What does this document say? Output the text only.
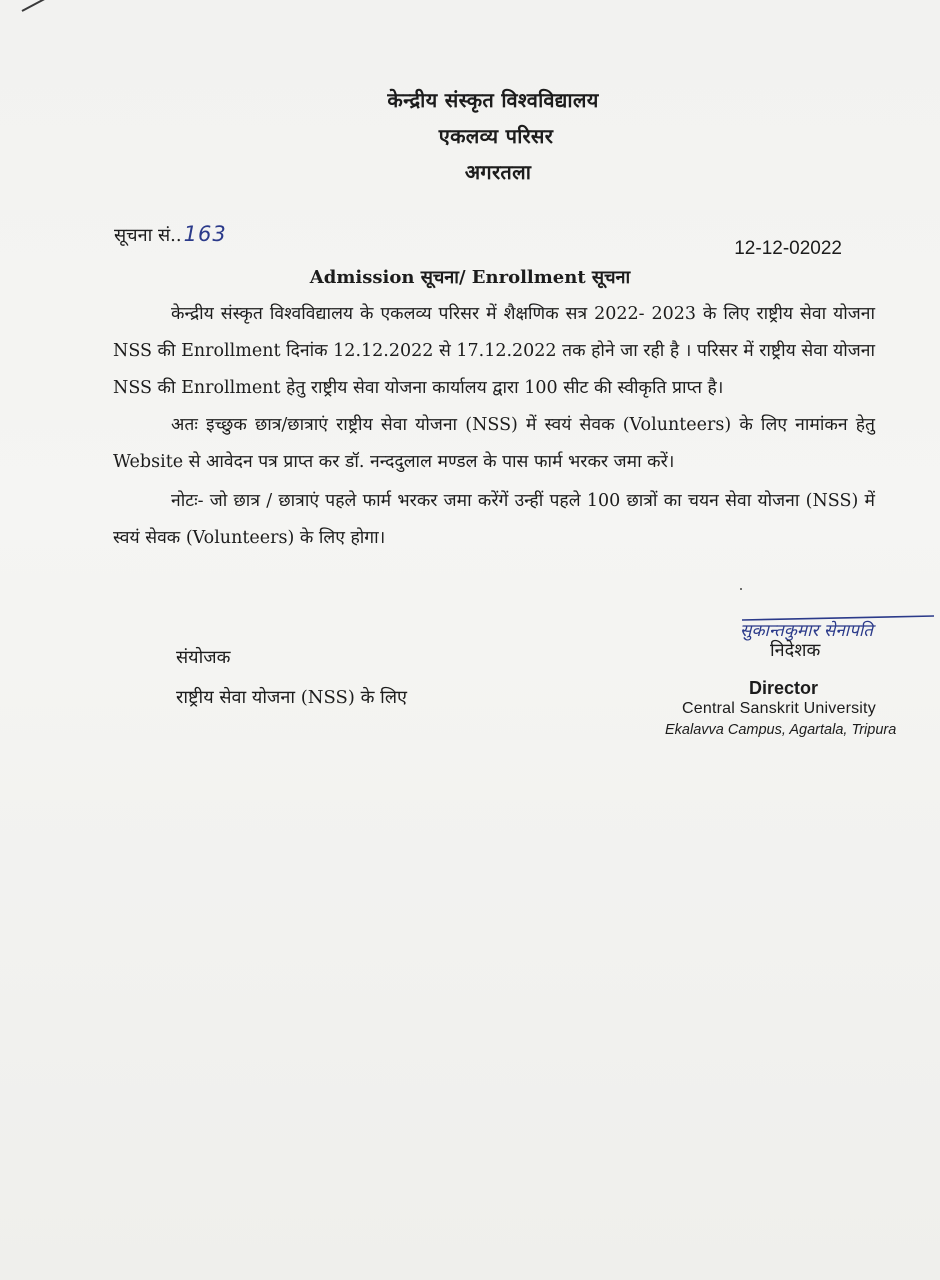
केन्द्रीय संस्कृत विश्वविद्यालय
एकलव्य परिसर
अगरतला
सूचना सं.. 163
12-12-02022
Admission सूचना/ Enrollment सूचना

केन्द्रीय संस्कृत विश्वविद्यालय के एकलव्य परिसर में शैक्षणिक सत्र 2022- 2023 के लिए राष्ट्रीय सेवा योजना NSS की Enrollment दिनांक 12.12.2022 से 17.12.2022 तक होने जा रही है । परिसर में राष्ट्रीय सेवा योजना NSS की Enrollment हेतु राष्ट्रीय सेवा योजना कार्यालय द्वारा 100 सीट की स्वीकृति प्राप्त है।

अतः इच्छुक छात्र/छात्राएं राष्ट्रीय सेवा योजना (NSS) में स्वयं सेवक (Volunteers) के लिए नामांकन हेतु Website से आवेदन पत्र प्राप्त कर डॉ. नन्ददुलाल मण्डल के पास फार्म भरकर जमा करें।

नोटः- जो छात्र / छात्राएं पहले फार्म भरकर जमा करेंगें उन्हीं पहले 100 छात्रों का चयन सेवा योजना (NSS) में स्वयं सेवक (Volunteers) के लिए होगा।

संयोजक
राष्ट्रीय सेवा योजना (NSS) के लिए
सुकान्तकुमार सेनापति
निदेशक
Director
Central Sanskrit University
Ekalavva Campus, Agartala, Tripura
